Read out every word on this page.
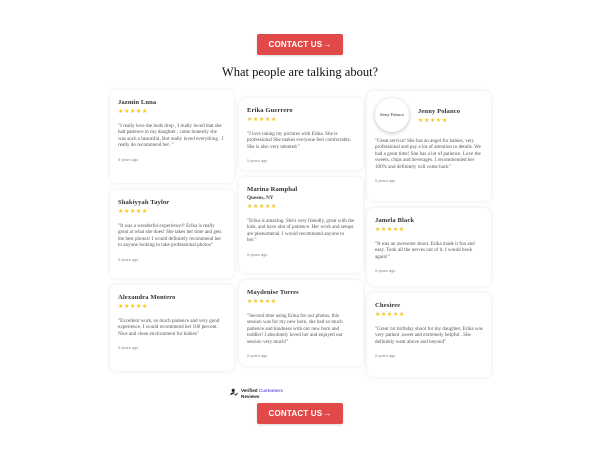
CONTACT US →
What people are talking about?
Jazmin Luna
★★★★★
"I really love the buds drop , I really loved that she had patience to my daughter , came honestly she was such a beautiful, But really loved everything . I really do recommend her ."
5 years ago
Shakiyyah Taylor
★★★★★
"It was a wonderful experience!! Erika is really great at what she does! She takes her time and gets the best photos! I would definitely recommend her to anyone looking to take professional photos"
5 years ago
Alexandra Montero
★★★★★
"Excellent work, so much patience and very good experience. I would recommend her 100 percent. Nice and clean environment for babies"
5 years ago
Erika Guerrero
★★★★★
"I love taking my pictures with Erika. She is professional She makes everyone feel comfortable. She is also very talented."
5 years ago
Marina Ramphal
Queens, NY
★★★★★
"Erika is amazing. She's very friendly, great with the kids, and have alot of patience. Her work and setups are phenomenal. I would recommend anyone to her."
5 years ago
Maydenise Torres
★★★★★
"Second time using Erika for our photos, this session was for my new born, she had so much patience and kindness with our new born and toddler! I absolutely loved her and enjoyed our session very much!"
5 years ago
Jenny Polanco	Jenny Polanco
★★★★★
"Great service! She has an angel for babies, very professional and pay a lot of attention to details. We had a great time! She has a lot of patience. Love the sweets, chips and beverages. I recommended her 100% and definitely will come back"
5 years ago
Jamela Black
★★★★★
"It was an awesome shoot. Erika made it fun and easy. Took all the nerves out of it. I would book again!"
5 years ago
Chesiree
★★★★★
"Great 1st birthday shoot for my daughter, Erika was very patient ,sweet and extremely helpful . She definitely went above and beyond"
5 years ago
Verified Customers
Reviews
CONTACT US →
